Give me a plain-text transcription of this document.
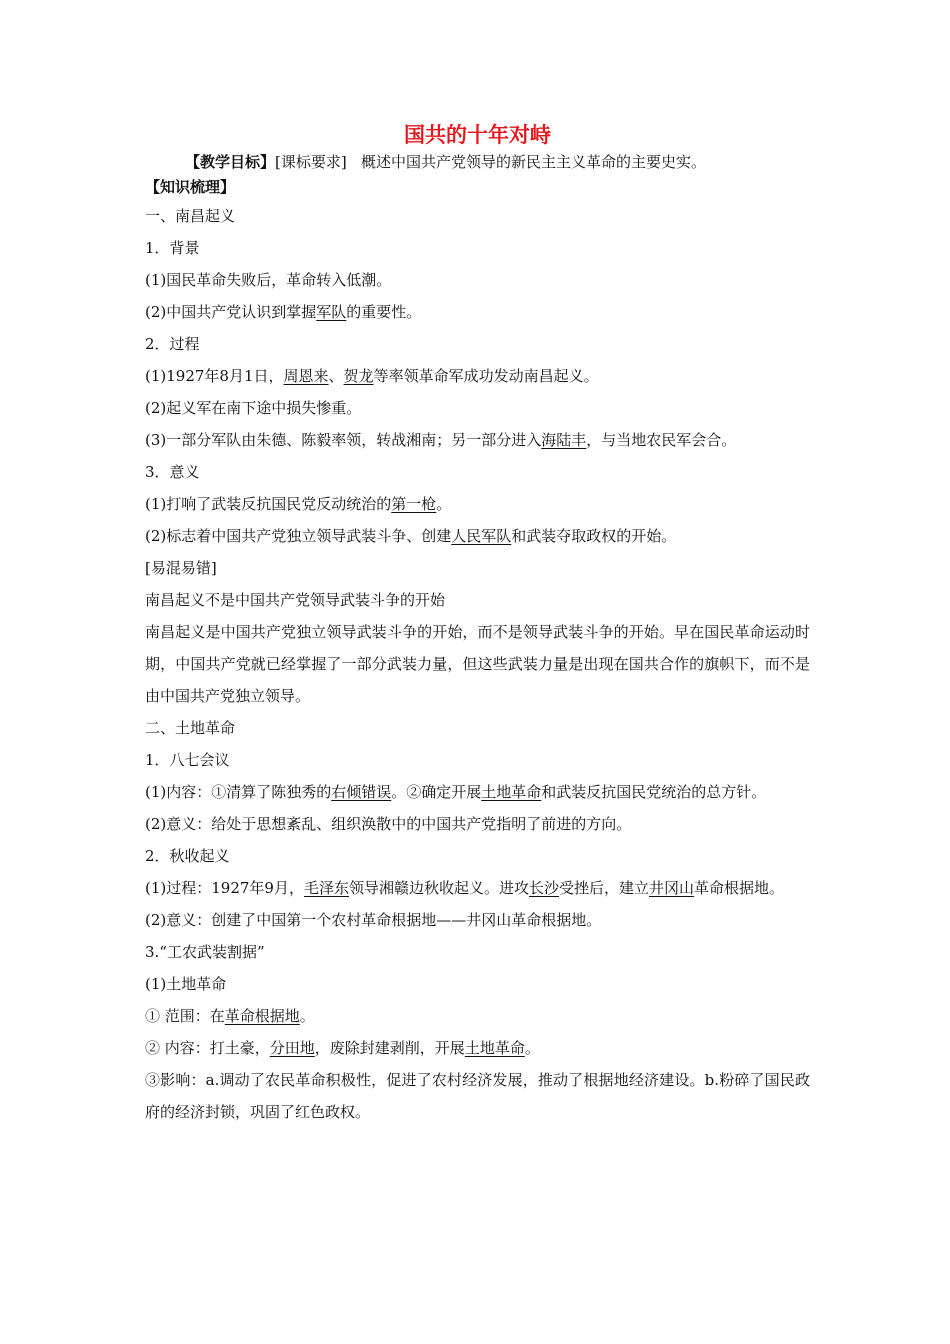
国共的十年对峙

【教学目标】[课标要求] 概述中国共产党领导的新民主主义革命的主要史实。

【知识梳理】

一、南昌起义

1．背景

(1)国民革命失败后，革命转入低潮。

(2)中国共产党认识到掌握军队的重要性。

2．过程

(1)1927年8月1日，周恩来、贺龙等率领革命军成功发动南昌起义。

(2)起义军在南下途中损失惨重。

(3)一部分军队由朱德、陈毅率领，转战湘南；另一部分进入海陆丰，与当地农民军会合。

3．意义

(1)打响了武装反抗国民党反动统治的第一枪。

(2)标志着中国共产党独立领导武装斗争、创建人民军队和武装夺取政权的开始。

[易混易错]

南昌起义不是中国共产党领导武装斗争的开始

南昌起义是中国共产党独立领导武装斗争的开始，而不是领导武装斗争的开始。早在国民革命运动时期，中国共产党就已经掌握了一部分武装力量，但这些武装力量是出现在国共合作的旗帜下，而不是由中国共产党独立领导。

二、土地革命

1．八七会议

(1)内容：①清算了陈独秀的右倾错误。②确定开展土地革命和武装反抗国民党统治的总方针。

(2)意义：给处于思想紊乱、组织涣散中的中国共产党指明了前进的方向。

2．秋收起义

(1)过程：1927年9月，毛泽东领导湘赣边秋收起义。进攻长沙受挫后，建立井冈山革命根据地。

(2)意义：创建了中国第一个农村革命根据地——井冈山革命根据地。

3.“工农武装割据”

(1)土地革命

① 范围：在革命根据地。

② 内容：打土豪，分田地，废除封建剥削，开展土地革命。

③影响：a.调动了农民革命积极性，促进了农村经济发展，推动了根据地经济建设。b.粉碎了国民政府的经济封锁，巩固了红色政权。
